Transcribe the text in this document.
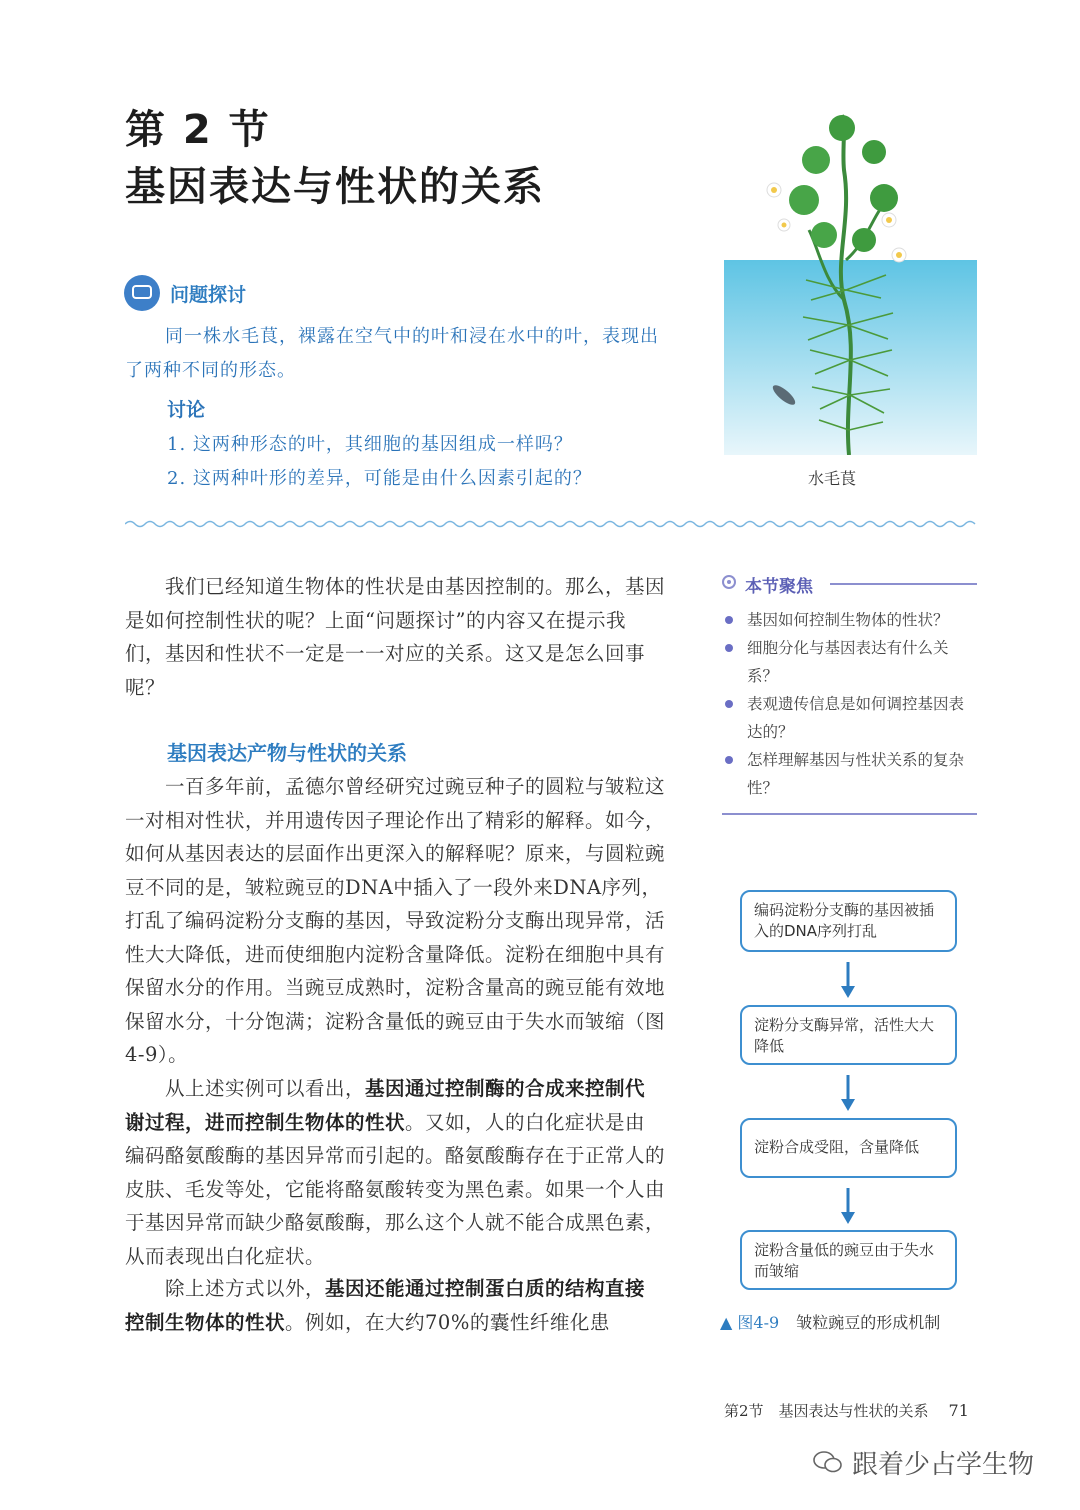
第 2 节
基因表达与性状的关系
问题探讨
同一株水毛茛，裸露在空气中的叶和浸在水中的叶，表现出了两种不同的形态。
讨论
1. 这两种形态的叶，其细胞的基因组成一样吗？
2. 这两种叶形的差异，可能是由什么因素引起的？	水毛茛
我们已经知道生物体的性状是由基因控制的。那么，基因是如何控制性状的呢？上面“问题探讨”的内容又在提示我们，基因和性状不一定是一一对应的关系。这又是怎么回事呢？
基因表达产物与性状的关系
一百多年前，孟德尔曾经研究过豌豆种子的圆粒与皱粒这一对相对性状，并用遗传因子理论作出了精彩的解释。如今，如何从基因表达的层面作出更深入的解释呢？原来，与圆粒豌豆不同的是，皱粒豌豆的DNA中插入了一段外来DNA序列，打乱了编码淀粉分支酶的基因，导致淀粉分支酶出现异常，活性大大降低，进而使细胞内淀粉含量降低。淀粉在细胞中具有保留水分的作用。当豌豆成熟时，淀粉含量高的豌豆能有效地保留水分，十分饱满；淀粉含量低的豌豆由于失水而皱缩（图4-9）。
从上述实例可以看出，基因通过控制酶的合成来控制代谢过程，进而控制生物体的性状。又如，人的白化症状是由编码酪氨酸酶的基因异常而引起的。酪氨酸酶存在于正常人的皮肤、毛发等处，它能将酪氨酸转变为黑色素。如果一个人由于基因异常而缺少酪氨酸酶，那么这个人就不能合成黑色素，从而表现出白化症状。
除上述方式以外，基因还能通过控制蛋白质的结构直接控制生物体的性状。例如，在大约70%的囊性纤维化患
本节聚焦
基因如何控制生物体的性状？
细胞分化与基因表达有什么关系？
表观遗传信息是如何调控基因表达的？
怎样理解基因与性状关系的复杂性？
编码淀粉分支酶的基因被插入的DNA序列打乱
淀粉分支酶异常，活性大大降低
淀粉合成受阻，含量降低
淀粉含量低的豌豆由于失水而皱缩
▲ 图4-9 皱粒豌豆的形成机制
第2节　基因表达与性状的关系 71
跟着少占学生物
